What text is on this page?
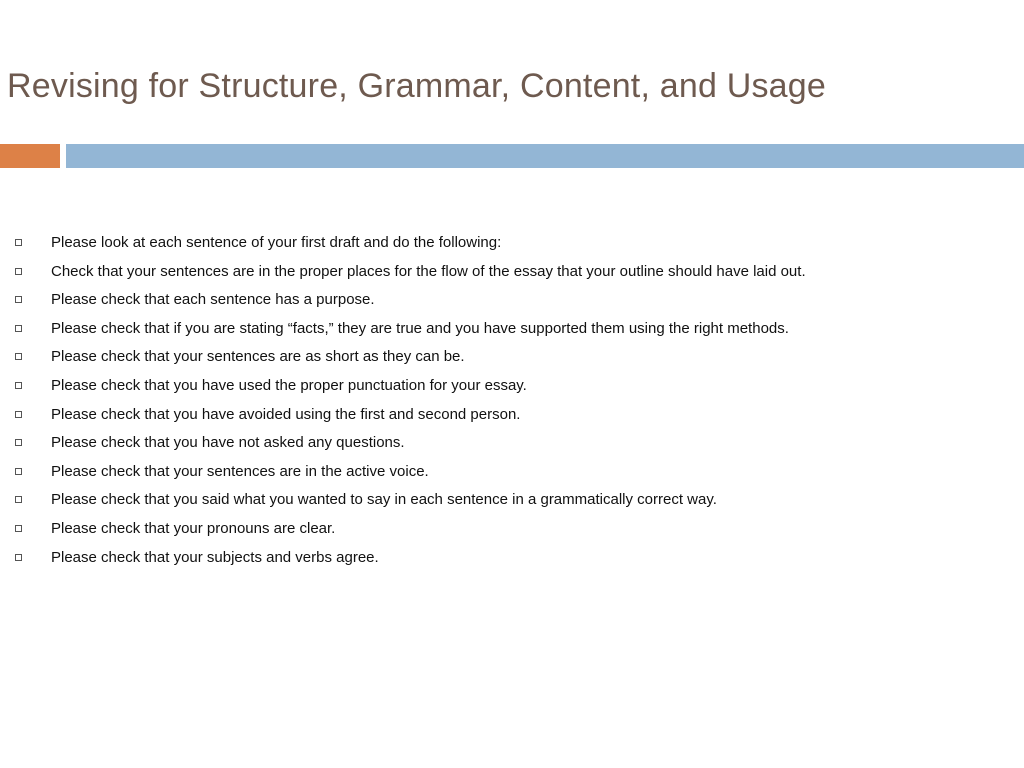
Revising for Structure, Grammar, Content, and Usage
Please look at each sentence of your first draft and do the following:
Check that your sentences are in the proper places for the flow of the essay that your outline should have laid out.
Please check that each sentence has a purpose.
Please check that if you are stating “facts,” they are true and you have supported them using the right methods.
Please check that your sentences are as short as they can be.
Please check that you have used the proper punctuation for your essay.
Please check that you have avoided using the first and second person.
Please check that you have not asked any questions.
Please check that your sentences are in the active voice.
Please check that you said what you wanted to say in each sentence in a grammatically correct way.
Please check that your pronouns are clear.
Please check that your subjects and verbs agree.
